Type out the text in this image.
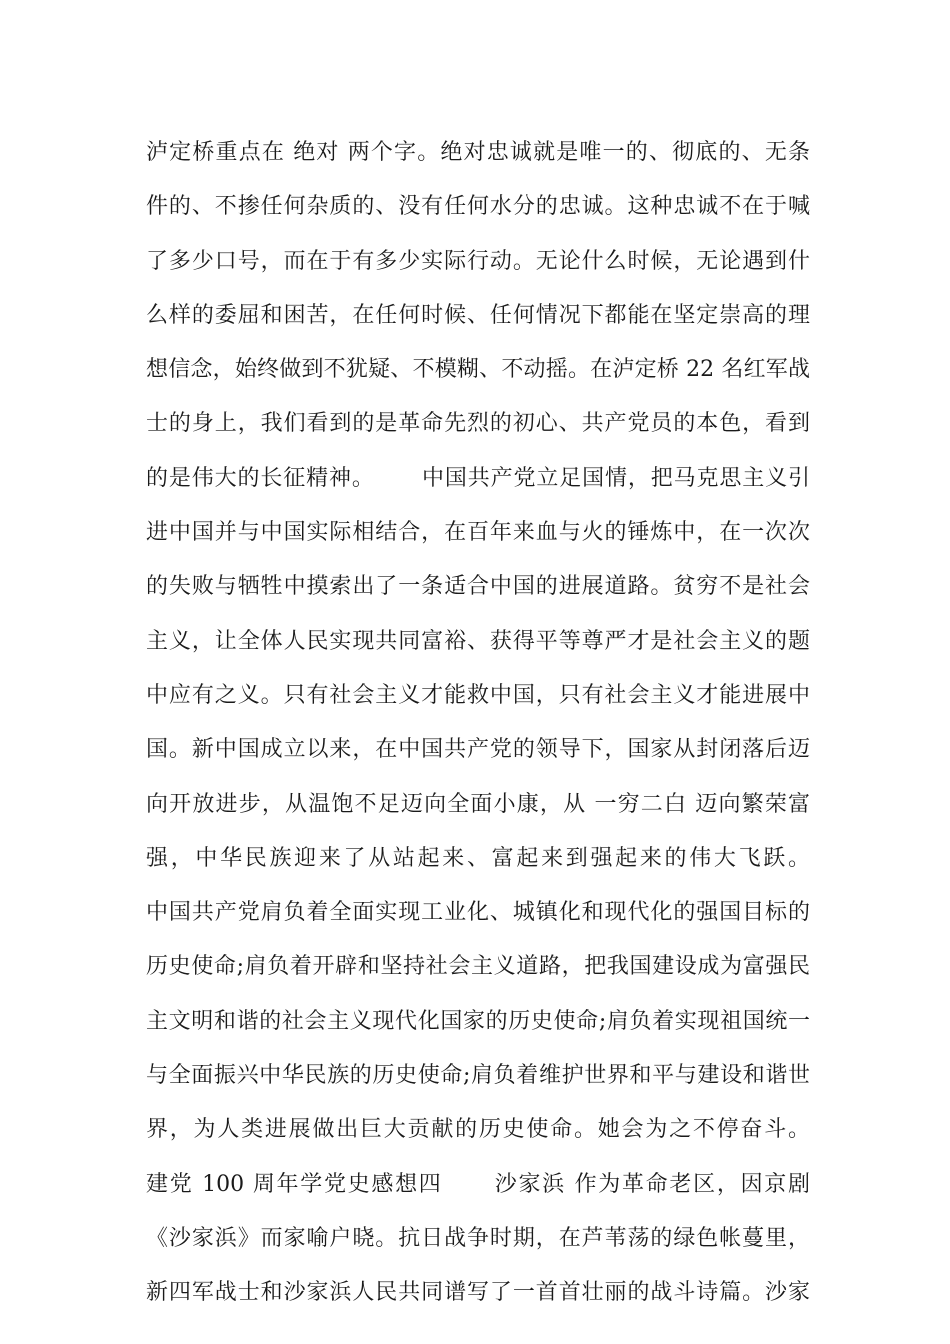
泸定桥重点在 绝对 两个字。绝对忠诚就是唯一的、彻底的、无条
件的、不掺任何杂质的、没有任何水分的忠诚。这种忠诚不在于喊
了多少口号，而在于有多少实际行动。无论什么时候，无论遇到什
么样的委屈和困苦，在任何时候、任何情况下都能在坚定崇高的理
想信念，始终做到不犹疑、不模糊、不动摇。在泸定桥 22 名红军战
士的身上，我们看到的是革命先烈的初心、共产党员的本色，看到
的是伟大的长征精神。      中国共产党立足国情，把马克思主义引
进中国并与中国实际相结合，在百年来血与火的锤炼中，在一次次
的失败与牺牲中摸索出了一条适合中国的进展道路。贫穷不是社会
主义，让全体人民实现共同富裕、获得平等尊严才是社会主义的题
中应有之义。只有社会主义才能救中国，只有社会主义才能进展中
国。新中国成立以来，在中国共产党的领导下，国家从封闭落后迈
向开放进步，从温饱不足迈向全面小康，从 一穷二白 迈向繁荣富
强，中华民族迎来了从站起来、富起来到强起来的伟大飞跃。
中国共产党肩负着全面实现工业化、城镇化和现代化的强国目标的
历史使命;肩负着开辟和坚持社会主义道路，把我国建设成为富强民
主文明和谐的社会主义现代化国家的历史使命;肩负着实现祖国统一
与全面振兴中华民族的历史使命;肩负着维护世界和平与建设和谐世
界，为人类进展做出巨大贡献的历史使命。她会为之不停奋斗。
建党 100 周年学党史感想四      沙家浜 作为革命老区，因京剧
《沙家浜》而家喻户晓。抗日战争时期，在芦苇荡的绿色帐蔓里，
新四军战士和沙家浜人民共同谱写了一首首壮丽的战斗诗篇。沙家
